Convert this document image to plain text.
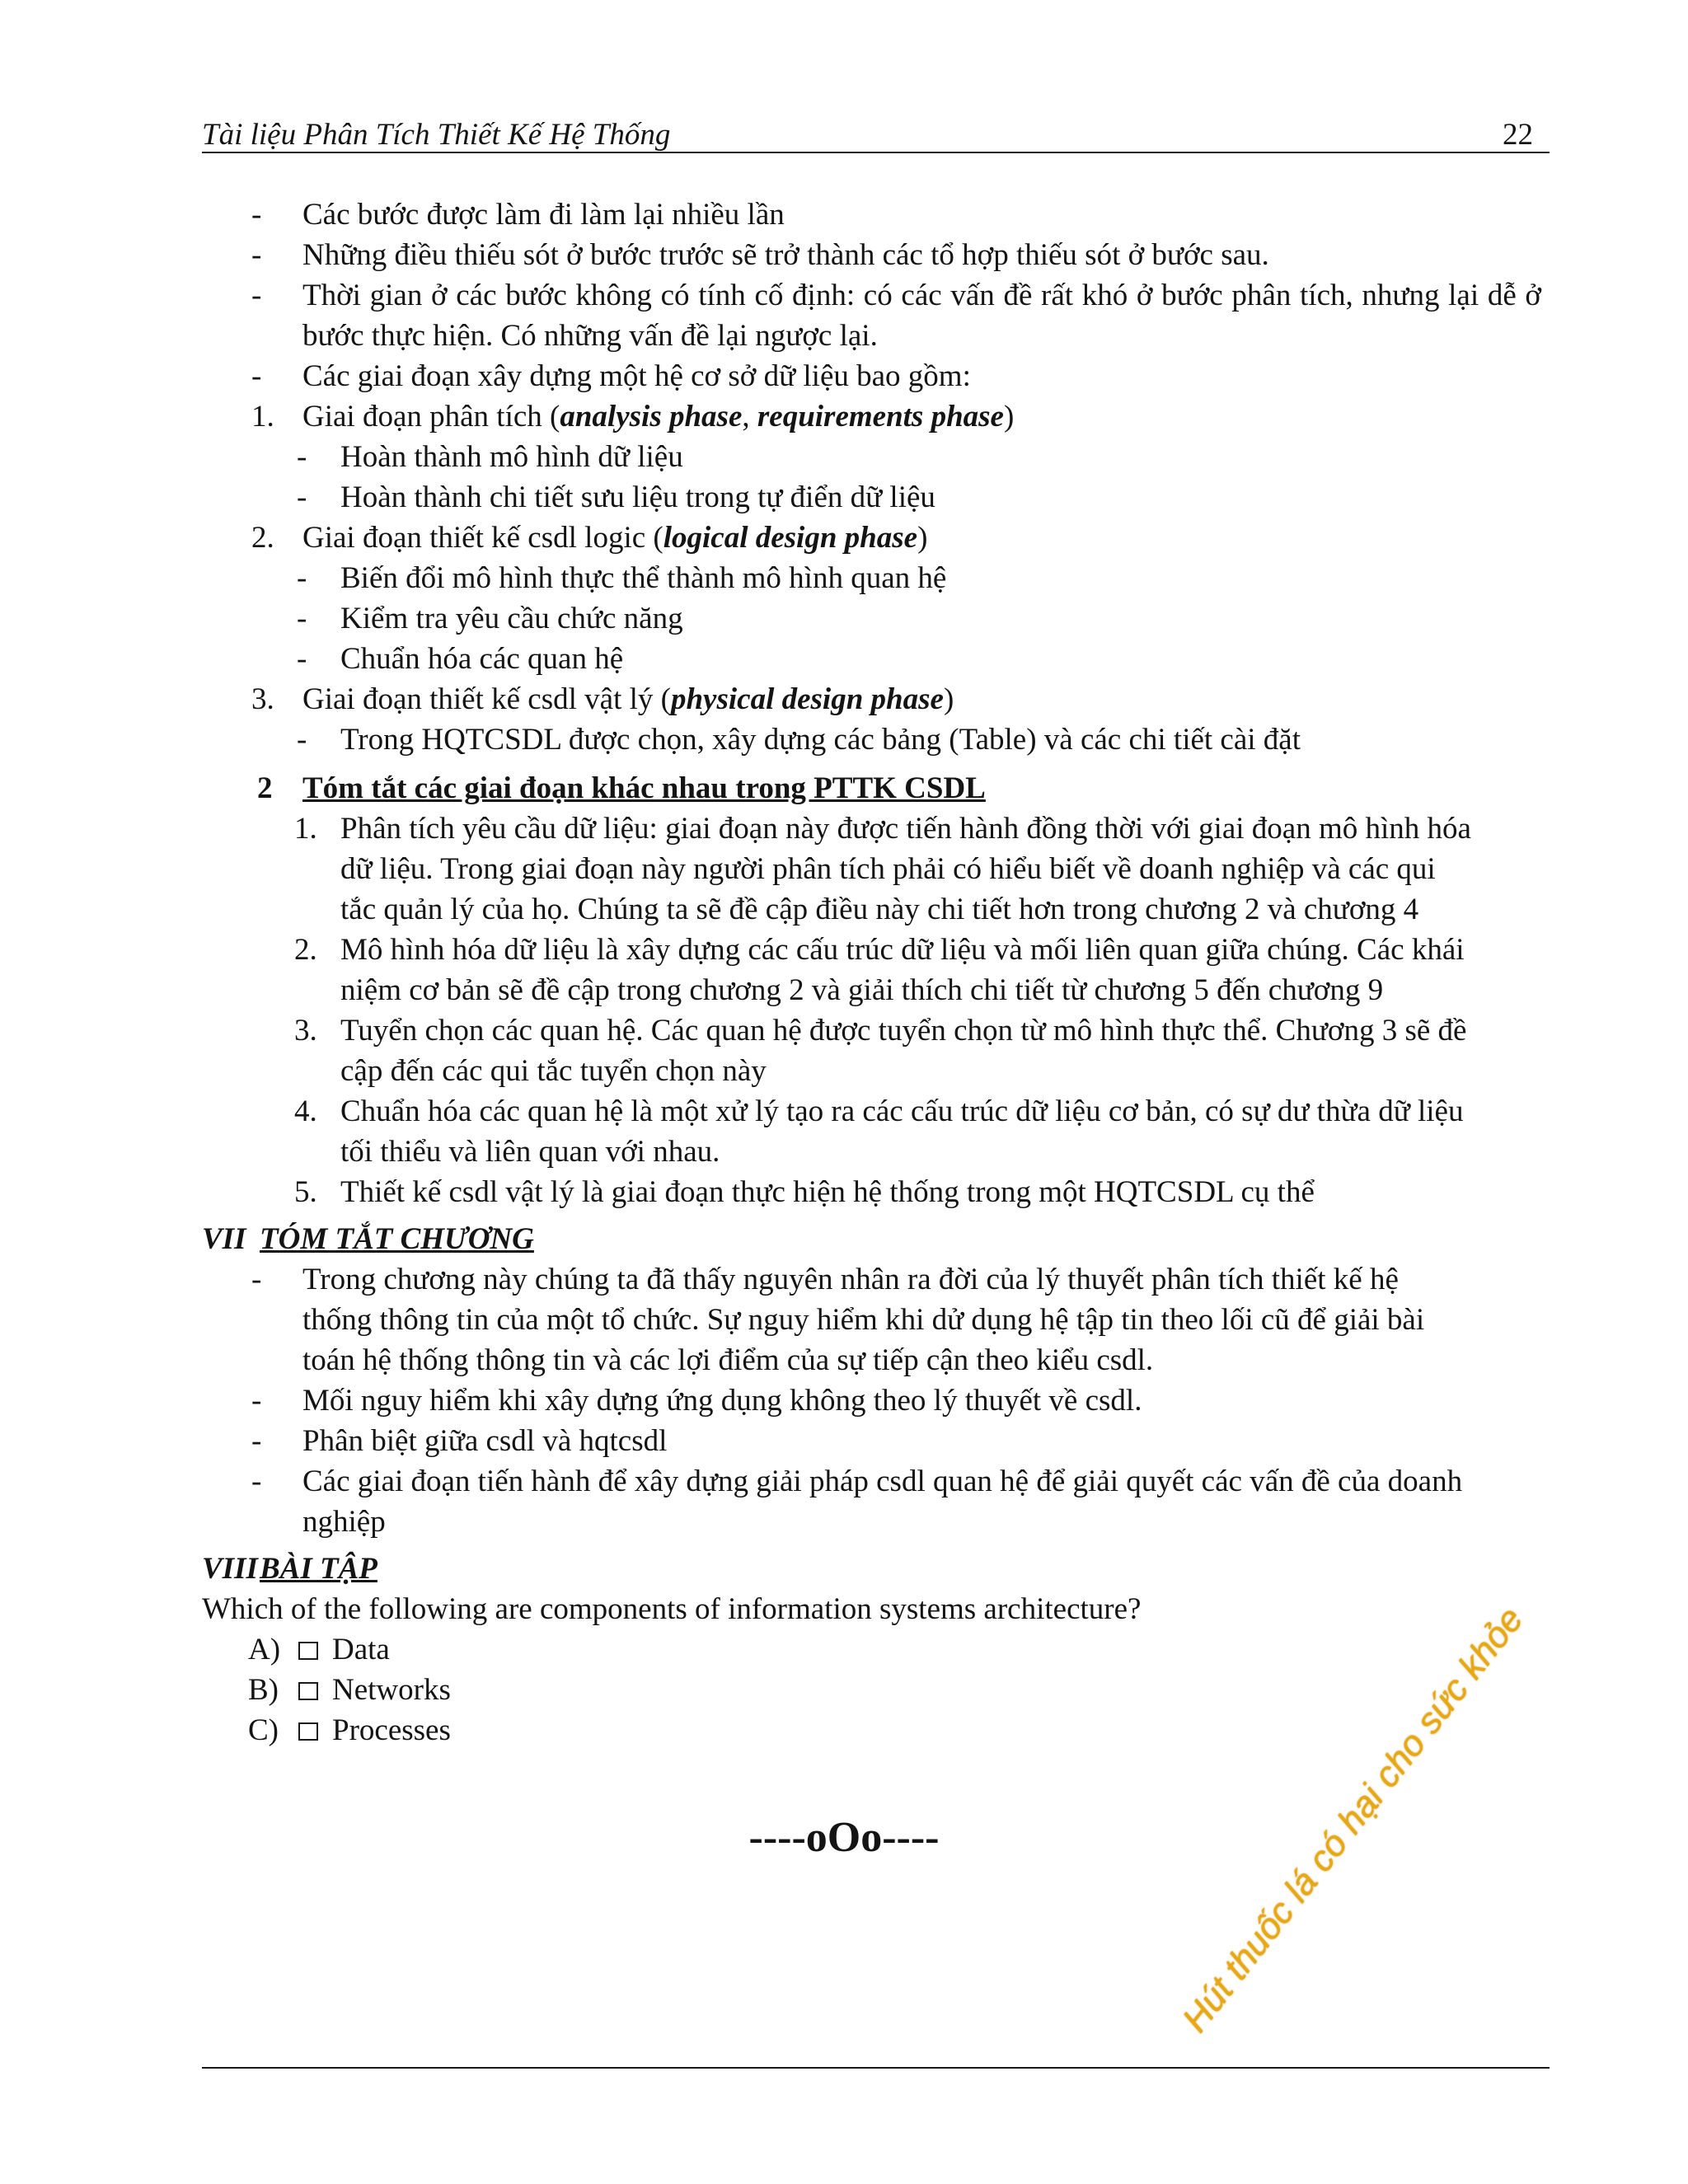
Tài liệu Phân Tích Thiết Kế Hệ Thống	22
- Các bước được làm đi làm lại nhiều lần
- Những điều thiếu sót ở bước trước sẽ trở thành các tổ hợp thiếu sót ở bước sau.
- Thời gian ở các bước không có tính cố định: có các vấn đề rất khó ở bước phân tích, nhưng lại dễ ở bước thực hiện. Có những vấn đề lại ngược lại.
- Các giai đoạn xây dựng một hệ cơ sở dữ liệu bao gồm:
1. Giai đoạn phân tích (analysis phase, requirements phase)
- Hoàn thành mô hình dữ liệu
- Hoàn thành chi tiết sưu liệu trong tự điển dữ liệu
2. Giai đoạn thiết kế csdl logic (logical design phase)
- Biến đổi mô hình thực thể thành mô hình quan hệ
- Kiểm tra yêu cầu chức năng
- Chuẩn hóa các quan hệ
3. Giai đoạn thiết kế csdl vật lý (physical design phase)
- Trong HQTCSDL được chọn, xây dựng các bảng (Table) và các chi tiết cài đặt
2 Tóm tắt các giai đoạn khác nhau trong PTTK CSDL
1. Phân tích yêu cầu dữ liệu: giai đoạn này được tiến hành đồng thời với giai đoạn mô hình hóa
dữ liệu. Trong giai đoạn này người phân tích phải có hiểu biết về doanh nghiệp và các qui
tắc quản lý của họ. Chúng ta sẽ đề cập điều này chi tiết hơn trong chương 2 và chương 4
2. Mô hình hóa dữ liệu là xây dựng các cấu trúc dữ liệu và mối liên quan giữa chúng. Các khái
niệm cơ bản sẽ đề cập trong chương 2 và giải thích chi tiết từ chương 5 đến chương 9
3. Tuyển chọn các quan hệ. Các quan hệ được tuyển chọn từ mô hình thực thể. Chương 3 sẽ đề
cập đến các qui tắc tuyển chọn này
4. Chuẩn hóa các quan hệ là một xử lý tạo ra các cấu trúc dữ liệu cơ bản, có sự dư thừa dữ liệu
tối thiểu và liên quan với nhau.
5. Thiết kế csdl vật lý là giai đoạn thực hiện hệ thống trong một HQTCSDL cụ thể
VII TÓM TẮT CHƯƠNG
- Trong chương này chúng ta đã thấy nguyên nhân ra đời của lý thuyết phân tích thiết kế hệ
thống thông tin của một tổ chức. Sự nguy hiểm khi dử dụng hệ tập tin theo lối cũ để giải bài
toán hệ thống thông tin và các lợi điểm của sự tiếp cận theo kiểu csdl.
- Mối nguy hiểm khi xây dựng ứng dụng không theo lý thuyết về csdl.
- Phân biệt giữa csdl và hqtcsdl
- Các giai đoạn tiến hành để xây dựng giải pháp csdl quan hệ để giải quyết các vấn đề của doanh
nghiệp
VIII BÀI TẬP
Which of the following are components of information systems architecture?
A) Data
B) Networks
C) Processes
----oOo----	Hút thuốc lá có hại cho sức khỏe
